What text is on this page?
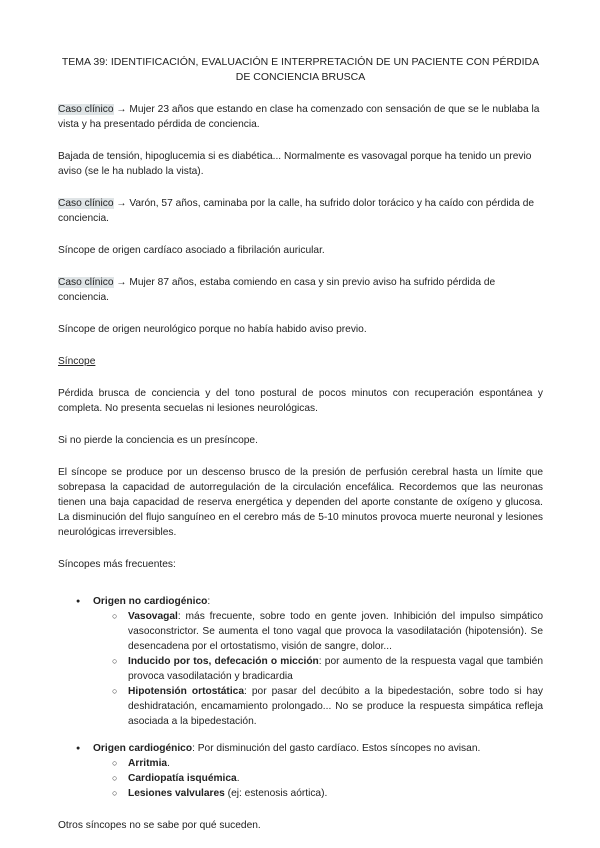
TEMA 39: IDENTIFICACIÓN, EVALUACIÓN E INTERPRETACIÓN DE UN PACIENTE CON PÉRDIDA DE CONCIENCIA BRUSCA

Caso clínico → Mujer 23 años que estando en clase ha comenzado con sensación de que se le nublaba la vista y ha presentado pérdida de conciencia.

Bajada de tensión, hipoglucemia si es diabética... Normalmente es vasovagal porque ha tenido un previo aviso (se le ha nublado la vista).

Caso clínico → Varón, 57 años, caminaba por la calle, ha sufrido dolor torácico y ha caído con pérdida de conciencia.

Síncope de origen cardíaco asociado a fibrilación auricular.

Caso clínico → Mujer 87 años, estaba comiendo en casa y sin previo aviso ha sufrido pérdida de conciencia.

Síncope de origen neurológico porque no había habido aviso previo.

Síncope

Pérdida brusca de conciencia y del tono postural de pocos minutos con recuperación espontánea y completa. No presenta secuelas ni lesiones neurológicas.

Si no pierde la conciencia es un presíncope.

El síncope se produce por un descenso brusco de la presión de perfusión cerebral hasta un límite que sobrepasa la capacidad de autorregulación de la circulación encefálica. Recordemos que las neuronas tienen una baja capacidad de reserva energética y dependen del aporte constante de oxígeno y glucosa. La disminución del flujo sanguíneo en el cerebro más de 5-10 minutos provoca muerte neuronal y lesiones neurológicas irreversibles.

Síncopes más frecuentes:

● Origen no cardiogénico:
○ Vasovagal: más frecuente, sobre todo en gente joven. Inhibición del impulso simpático vasoconstrictor. Se aumenta el tono vagal que provoca la vasodilatación (hipotensión). Se desencadena por el ortostatismo, visión de sangre, dolor...
○ Inducido por tos, defecación o micción: por aumento de la respuesta vagal que también provoca vasodilatación y bradicardia
○ Hipotensión ortostática: por pasar del decúbito a la bipedestación, sobre todo si hay deshidratación, encamamiento prolongado... No se produce la respuesta simpática refleja asociada a la bipedestación.
● Origen cardiogénico: Por disminución del gasto cardíaco. Estos síncopes no avisan.
○ Arritmia.
○ Cardiopatía isquémica.
○ Lesiones valvulares (ej: estenosis aórtica).

Otros síncopes no se sabe por qué suceden.
